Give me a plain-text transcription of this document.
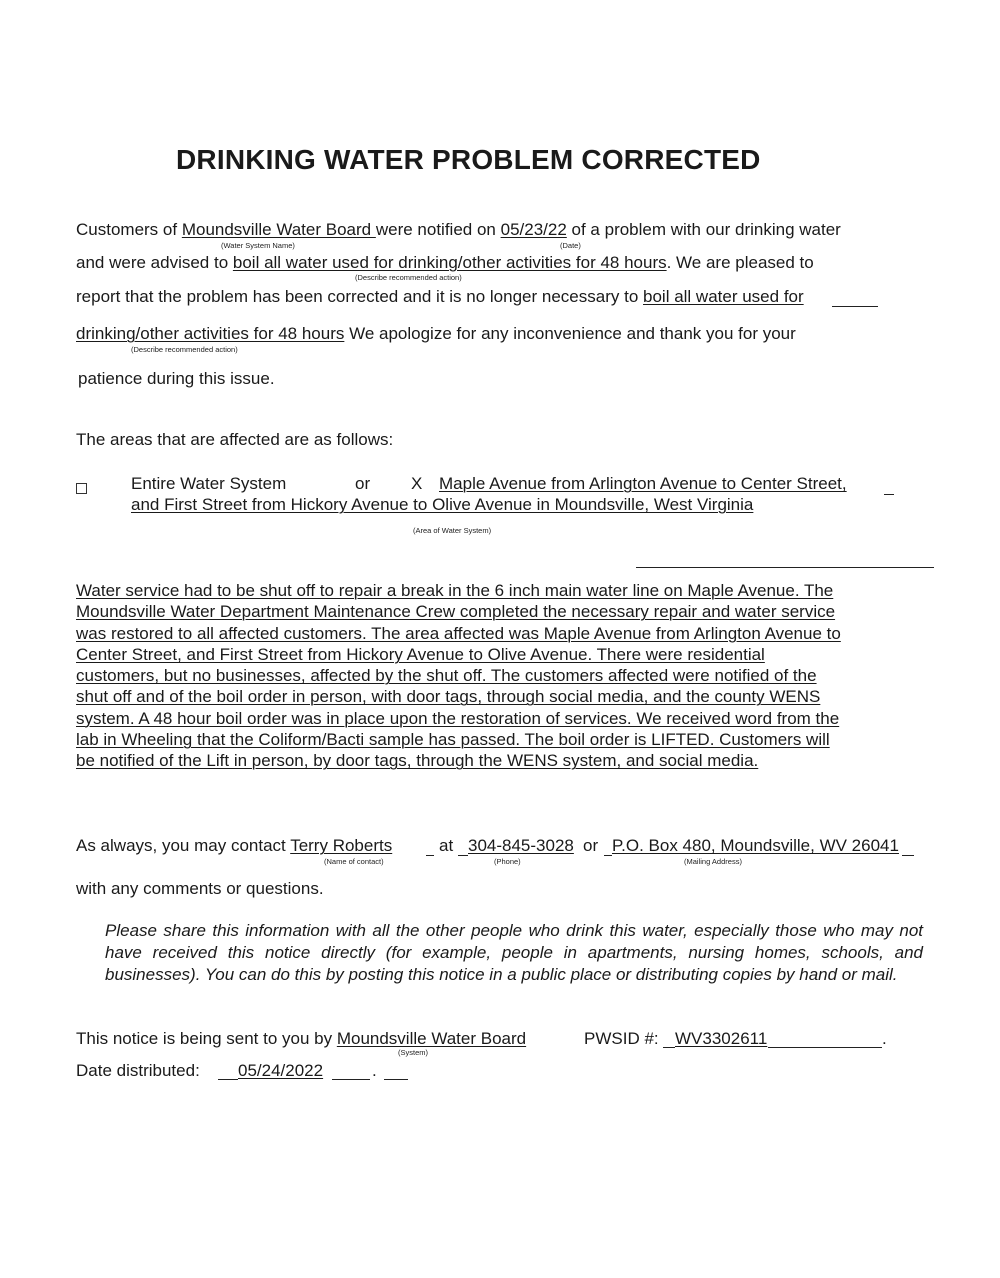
DRINKING WATER PROBLEM CORRECTED
Customers of Moundsville Water Board were notified on 05/23/22 of a problem with our drinking water
(Water System Name)	(Date)
and were advised to boil all water used for drinking/other activities for 48 hours. We are pleased to
(Describe recommended action)
report that the problem has been corrected and it is no longer necessary to boil all water used for
drinking/other activities for 48 hours We apologize for any inconvenience and thank you for your
(Describe recommended action)
patience during this issue.
The areas that are affected are as follows:
Entire Water System	or X Maple Avenue from Arlington Avenue to Center Street,
and First Street from Hickory Avenue to Olive Avenue in Moundsville, West Virginia
(Area of Water System)
Water service had to be shut off to repair a break in the 6 inch main water line on Maple Avenue. The
Moundsville Water Department Maintenance Crew completed the necessary repair and water service
was restored to all affected customers. The area affected was Maple Avenue from Arlington Avenue to
Center Street, and First Street from Hickory Avenue to Olive Avenue. There were residential
customers, but no businesses, affected by the shut off. The customers affected were notified of the
shut off and of the boil order in person, with door tags, through social media, and the county WENS
system. A 48 hour boil order was in place upon the restoration of services. We received word from the
lab in Wheeling that the Coliform/Bacti sample has passed. The boil order is LIFTED. Customers will
be notified of the Lift in person, by door tags, through the WENS system, and social media.
As always, you may contact Terry Roberts	at 304-845-3028 or P.O. Box 480, Moundsville, WV 26041
(Name of contact)	(Phone)	(Mailing Address)
with any comments or questions.
Please share this information with all the other people who drink this water, especially those who may not have received this notice directly (for example, people in apartments, nursing homes, schools, and businesses). You can do this by posting this notice in a public place or distributing copies by hand or mail.
This notice is being sent to you by Moundsville Water Board
(System)
PWSID #: WV3302611	.
Date distributed: 05/24/2022	.
